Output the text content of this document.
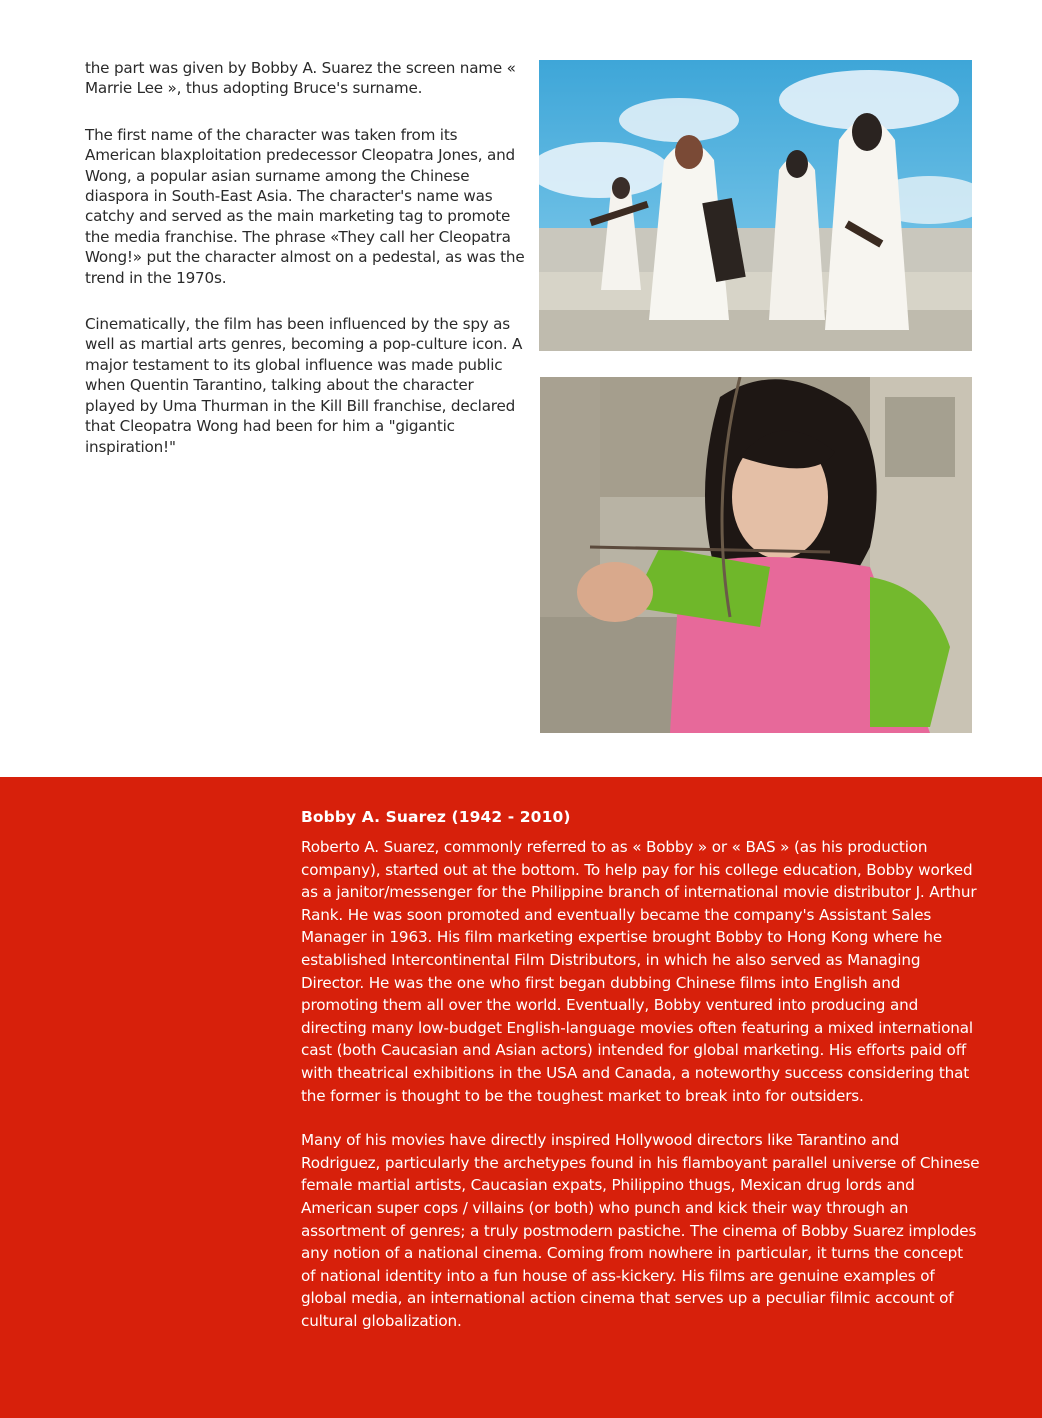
the part was given by Bobby A. Suarez the screen name « Marrie Lee », thus adopting Bruce's surname.

The first name of the character was taken from its American blaxploitation predecessor Cleopatra Jones, and Wong, a popular asian surname among the Chinese diaspora in South-East Asia. The character's name was catchy and served as the main marketing tag to promote the media franchise. The phrase «They call her Cleopatra Wong!» put the character almost on a pedestal, as was the trend in the 1970s.

Cinematically, the film has been influenced by the spy as well as martial arts genres, becoming a pop-culture icon. A major testament to its global influence was made public when Quentin Tarantino, talking about the character played by Uma Thurman in the Kill Bill franchise, declared that Cleopatra Wong had been for him a "gigantic inspiration!"

Bobby A. Suarez (1942 - 2010)

Roberto A. Suarez, commonly referred to as « Bobby » or « BAS » (as his production company), started out at the bottom. To help pay for his college education, Bobby worked as a janitor/messenger for the Philippine branch of international movie distributor J. Arthur Rank. He was soon promoted and eventually became the company's Assistant Sales Manager in 1963. His film marketing expertise brought Bobby to Hong Kong where he established Intercontinental Film Distributors, in which he also served as Managing Director. He was the one who first began dubbing Chinese films into English and promoting them all over the world. Eventually, Bobby ventured into producing and directing many low-budget English-language movies often featuring a mixed international cast (both Caucasian and Asian actors) intended for global marketing. His efforts paid off with theatrical exhibitions in the USA and Canada, a noteworthy success considering that the former is thought to be the toughest market to break into for outsiders.

Many of his movies have directly inspired Hollywood directors like Tarantino and Rodriguez, particularly the archetypes found in his flamboyant parallel universe of Chinese female martial artists, Caucasian expats, Philippino thugs, Mexican drug lords and American super cops / villains (or both) who punch and kick their way through an assortment of genres; a truly postmodern pastiche. The cinema of Bobby Suarez implodes any notion of a national cinema. Coming from nowhere in particular, it turns the concept of national identity into a fun house of ass-kickery. His films are genuine examples of global media, an international action cinema that serves up a peculiar filmic account of cultural globalization.
